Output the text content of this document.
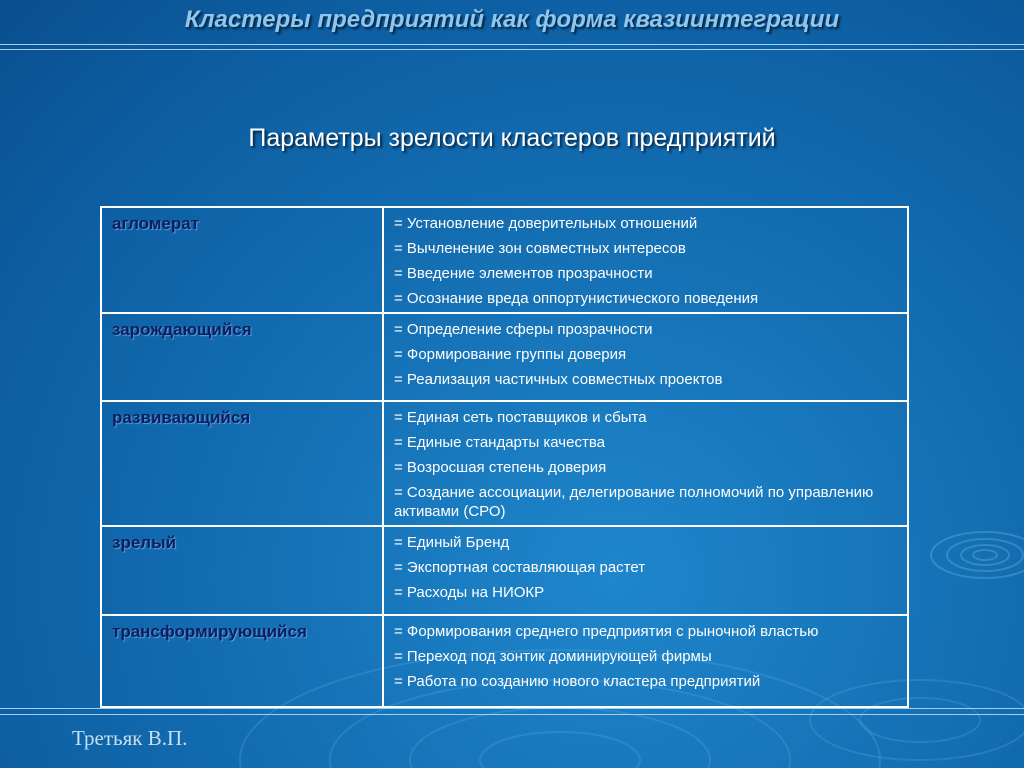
Кластеры предприятий как форма квазиинтеграции
Параметры зрелости кластеров предприятий
агломерат	= Установление доверительных отношений
= Вычленение зон совместных интересов
= Введение элементов прозрачности
= Осознание вреда оппортунистического поведения

зарождающийся	= Определение сферы прозрачности
= Формирование группы доверия
= Реализация частичных совместных проектов

развивающийся	= Единая сеть поставщиков и сбыта
= Единые стандарты качества
= Возросшая степень доверия
= Создание ассоциации, делегирование полномочий по управлению активами (СРО)

зрелый	= Единый Бренд
= Экспортная составляющая растет
= Расходы на НИОКР

трансформирующийся	= Формирования среднего предприятия с рыночной властью
= Переход под зонтик доминирующей фирмы
= Работа по созданию нового кластера предприятий
Третьяк В.П.
